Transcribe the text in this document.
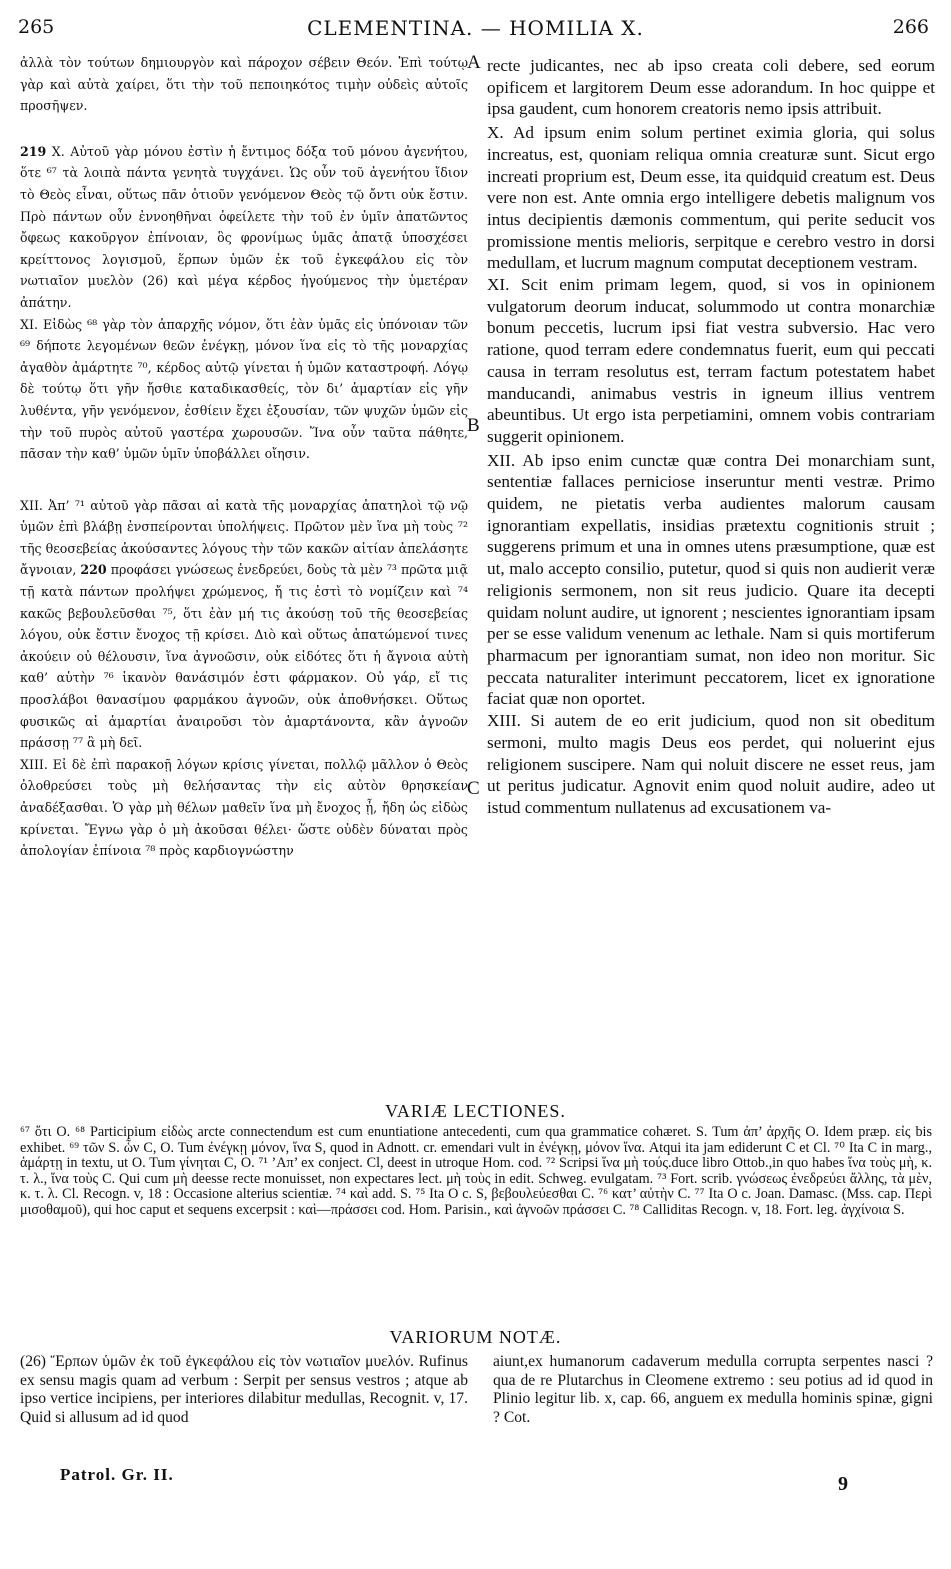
265	CLEMENTINA. — HOMILIA X.	266
A
B
C

ἀλλὰ τὸν τούτων δημιουργὸν καὶ πάροχον σέβειν Θεόν. Ἐπὶ τούτῳ γὰρ καὶ αὐτὰ χαίρει, ὅτι τὴν τοῦ πεποιηκότος τιμὴν οὐδεὶς αὐτοῖς προσῆψεν.

219 X. Αὐτοῦ γὰρ μόνου ἐστὶν ἡ ἔντιμος δόξα τοῦ μόνου ἀγενήτου, ὅτε ⁶⁷ τὰ λοιπὰ πάντα γενητὰ τυγχάνει. Ὡς οὖν τοῦ ἀγενήτου ἴδιον τὸ Θεὸς εἶναι, οὕτως πᾶν ὁτιοῦν γενόμενον Θεὸς τῷ ὄντι οὐκ ἔστιν. Πρὸ πάντων οὖν ἐννοηθῆναι ὀφείλετε τὴν τοῦ ἐν ὑμῖν ἀπατῶντος ὄφεως κακοῦργον ἐπίνοιαν, ὃς φρονίμως ὑμᾶς ἀπατᾷ ὑποσχέσει κρείττονος λογισμοῦ, ἕρπων ὑμῶν ἐκ τοῦ ἐγκεφάλου εἰς τὸν νωτιαῖον μυελὸν (26) καὶ μέγα κέρδος ἡγούμενος τὴν ὑμετέραν ἀπάτην.

XI. Εἰδὼς ⁶⁸ γὰρ τὸν ἀπαρχῆς νόμον, ὅτι ἐὰν ὑμᾶς εἰς ὑπόνοιαν τῶν ⁶⁹ δήποτε λεγομένων θεῶν ἐνέγκῃ, μόνον ἵνα εἰς τὸ τῆς μοναρχίας ἀγαθὸν ἁμάρτητε ⁷⁰, κέρδος αὐτῷ γίνεται ἡ ὑμῶν καταστροφή. Λόγῳ δὲ τούτῳ ὅτι γῆν ἤσθιε καταδικασθείς, τὸν δι’ ἁμαρτίαν εἰς γῆν λυθέντα, γῆν γενόμενον, ἐσθίειν ἔχει ἐξουσίαν, τῶν ψυχῶν ὑμῶν εἰς τὴν τοῦ πυρὸς αὐτοῦ γαστέρα χωρουσῶν. Ἵνα οὖν ταῦτα πάθητε, πᾶσαν τὴν καθ’ ὑμῶν ὑμῖν ὑποβάλλει οἴησιν.

XII. Ἀπ’ ⁷¹ αὐτοῦ γὰρ πᾶσαι αἱ κατὰ τῆς μοναρχίας ἀπατηλοὶ τῷ νῷ ὑμῶν ἐπὶ βλάβῃ ἐνσπείρονται ὑπολήψεις. Πρῶτον μὲν ἵνα μὴ τοὺς ⁷² τῆς θεοσεβείας ἀκούσαντες λόγους τὴν τῶν κακῶν αἰτίαν ἀπελάσητε ἄγνοιαν, 220 προφάσει γνώσεως ἐνεδρεύει, δοὺς τὰ μὲν ⁷³ πρῶτα μιᾷ τῇ κατὰ πάντων προλήψει χρώμενος, ἤ τις ἐστὶ τὸ νομίζειν καὶ ⁷⁴ κακῶς βεβουλεῦσθαι ⁷⁵, ὅτι ἐὰν μή τις ἀκούσῃ τοῦ τῆς θεοσεβείας λόγου, οὐκ ἔστιν ἔνοχος τῇ κρίσει. Διὸ καὶ οὕτως ἀπατώμενοί τινες ἀκούειν οὐ θέλουσιν, ἵνα ἀγνοῶσιν, οὐκ εἰδότες ὅτι ἡ ἄγνοια αὐτὴ καθ’ αὑτὴν ⁷⁶ ἱκανὸν θανάσιμόν ἐστι φάρμακον. Οὐ γάρ, εἴ τις προσλάβοι θανασίμου φαρμάκου ἀγνοῶν, οὐκ ἀποθνήσκει. Οὕτως φυσικῶς αἱ ἁμαρτίαι ἀναιροῦσι τὸν ἁμαρτάνοντα, κἂν ἀγνοῶν πράσσῃ ⁷⁷ ἃ μὴ δεῖ.

XIII. Εἰ δὲ ἐπὶ παρακοῇ λόγων κρίσις γίνεται, πολλῷ μᾶλλον ὁ Θεὸς ὀλοθρεύσει τοὺς μὴ θελήσαντας τὴν εἰς αὐτὸν θρησκείαν ἀναδέξασθαι. Ὁ γὰρ μὴ θέλων μαθεῖν ἵνα μὴ ἔνοχος ᾖ, ἤδη ὡς εἰδὼς κρίνεται. Ἔγνω γὰρ ὁ μὴ ἀκοῦσαι θέλει· ὥστε οὐδὲν δύναται πρὸς ἀπολογίαν ἐπίνοια ⁷⁸ πρὸς καρδιογνώστην

recte judicantes, nec ab ipso creata coli debere, sed eorum opificem et largitorem Deum esse adorandum. In hoc quippe et ipsa gaudent, cum honorem creatoris nemo ipsis attribuit.

X. Ad ipsum enim solum pertinet eximia gloria, qui solus increatus, est, quoniam reliqua omnia creaturæ sunt. Sicut ergo increati proprium est, Deum esse, ita quidquid creatum est. Deus vere non est. Ante omnia ergo intelligere debetis malignum vos intus decipientis dæmonis commentum, qui perite seducit vos promissione mentis melioris, serpitque e cerebro vestro in dorsi medullam, et lucrum magnum computat deceptionem vestram.

XI. Scit enim primam legem, quod, si vos in opinionem vulgatorum deorum inducat, solummodo ut contra monarchiæ bonum peccetis, lucrum ipsi fiat vestra subversio. Hac vero ratione, quod terram edere condemnatus fuerit, eum qui peccati causa in terram resolutus est, terram factum potestatem habet manducandi, animabus vestris in igneum illius ventrem abeuntibus. Ut ergo ista perpetiamini, omnem vobis contrariam suggerit opinionem.

XII. Ab ipso enim cunctæ quæ contra Dei monarchiam sunt, sententiæ fallaces perniciose inseruntur menti vestræ. Primo quidem, ne pietatis verba audientes malorum causam ignorantiam expellatis, insidias prætextu cognitionis struit ; suggerens primum et una in omnes utens præsumptione, quæ est ut, malo accepto consilio, putetur, quod si quis non audierit veræ religionis sermonem, non sit reus judicio. Quare ita decepti quidam nolunt audire, ut ignorent ; nescientes ignorantiam ipsam per se esse validum venenum ac lethale. Nam si quis mortiferum pharmacum per ignorantiam sumat, non ideo non moritur. Sic peccata naturaliter interimunt peccatorem, licet ex ignoratione faciat quæ non oportet.

XIII. Si autem de eo erit judicium, quod non sit obeditum sermoni, multo magis Deus eos perdet, qui noluerint ejus religionem suscipere. Nam qui noluit discere ne esset reus, jam ut peritus judicatur. Agnovit enim quod noluit audire, adeo ut istud commentum nullatenus ad excusationem va-

VARIÆ LECTIONES.

⁶⁷ ὅτι O. ⁶⁸ Participium εἰδὼς arcte connectendum est cum enuntiatione antecedenti, cum qua grammatice cohæret. S. Tum ἀπ’ ἀρχῆς O. Idem præp. εἰς bis exhibet. ⁶⁹ τῶν S. ὧν C, O. Tum ἐνέγκῃ μόνον, ἵνα S, quod in Adnott. cr. emendari vult in ἐνέγκῃ, μόνον ἵνα. Atqui ita jam ediderunt C et Cl. ⁷⁰ Ita C in marg., ἁμάρτῃ in textu, ut O. Tum γίνηται C, O. ⁷¹ ’Απ’ ex conject. Cl, deest in utroque Hom. cod. ⁷² Scripsi ἵνα μὴ τούς.duce libro Ottob.,in quo habes ἵνα τοὺς μὴ, κ. τ. λ., ἵνα τοὺς C. Qui cum μὴ deesse recte monuisset, non expectares lect. μὴ τοὺς in edit. Schweg. evulgatam. ⁷³ Fort. scrib. γνώσεως ἐνεδρεύει ἄλλης, τὰ μὲν, κ. τ. λ. Cl. Recogn. v, 18 : Occasione alterius scientiæ. ⁷⁴ καὶ add. S. ⁷⁵ Ita O c. S, βεβουλεύεσθαι C. ⁷⁶ κατ’ αὐτὴν C. ⁷⁷ Ita O c. Joan. Damasc. (Mss. cap. Περὶ μισοθαμοῦ), qui hoc caput et sequens excerpsit : καὶ—πράσσει cod. Hom. Parisin., καὶ ἀγνοῶν πράσσει C. ⁷⁸ Calliditas Recogn. v, 18. Fort. leg. ἀγχίνοια S.

VARIORUM NOTÆ.

(26) Ἕρπων ὑμῶν ἐκ τοῦ ἐγκεφάλου εἰς τὸν νωτιαῖον μυελόν. Rufinus ex sensu magis quam ad verbum : Serpit per sensus vestros ; atque ab ipso vertice incipiens, per interiores dilabitur medullas, Recognit. v, 17. Quid si allusum ad id quod

aiunt,ex humanorum cadaverum medulla corrupta serpentes nasci ? qua de re Plutarchus in Cleomene extremo : seu potius ad id quod in Plinio legitur lib. x, cap. 66, anguem ex medulla hominis spinæ, gigni ? Cot.

Patrol. Gr. II.	9
